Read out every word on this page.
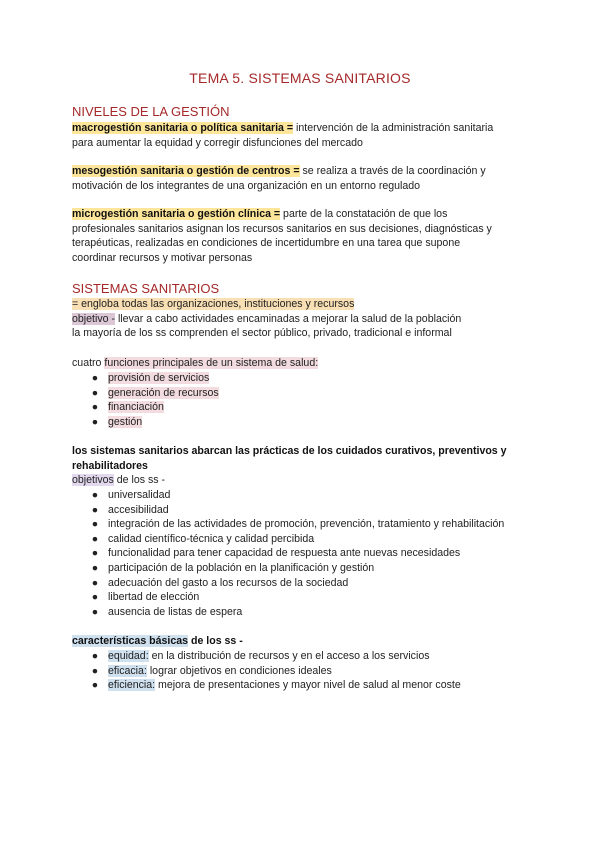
TEMA 5. SISTEMAS SANITARIOS
NIVELES DE LA GESTIÓN

macrogestión sanitaria o política sanitaria = intervención de la administración sanitaria
para aumentar la equidad y corregir disfunciones del mercado

mesogestión sanitaria o gestión de centros = se realiza a través de la coordinación y
motivación de los integrantes de una organización en un entorno regulado

microgestión sanitaria o gestión clínica = parte de la constatación de que los
profesionales sanitarios asignan los recursos sanitarios en sus decisiones, diagnósticas y
terapéuticas, realizadas en condiciones de incertidumbre en una tarea que supone
coordinar recursos y motivar personas

SISTEMAS SANITARIOS

= engloba todas las organizaciones, instituciones y recursos
objetivo - llevar a cabo actividades encaminadas a mejorar la salud de la población
la mayoría de los ss comprenden el sector público, privado, tradicional e informal

cuatro funciones principales de un sistema de salud:

● provisión de servicios
● generación de recursos
● financiación
● gestión

los sistemas sanitarios abarcan las prácticas de los cuidados curativos, preventivos y
rehabilitadores
objetivos de los ss -

● universalidad
● accesibilidad
● integración de las actividades de promoción, prevención, tratamiento y rehabilitación
● calidad científico-técnica y calidad percibida
● funcionalidad para tener capacidad de respuesta ante nuevas necesidades
● participación de la población en la planificación y gestión
● adecuación del gasto a los recursos de la sociedad
● libertad de elección
● ausencia de listas de espera

características básicas de los ss -

● equidad: en la distribución de recursos y en el acceso a los servicios
● eficacia: lograr objetivos en condiciones ideales
● eficiencia: mejora de presentaciones y mayor nivel de salud al menor coste
